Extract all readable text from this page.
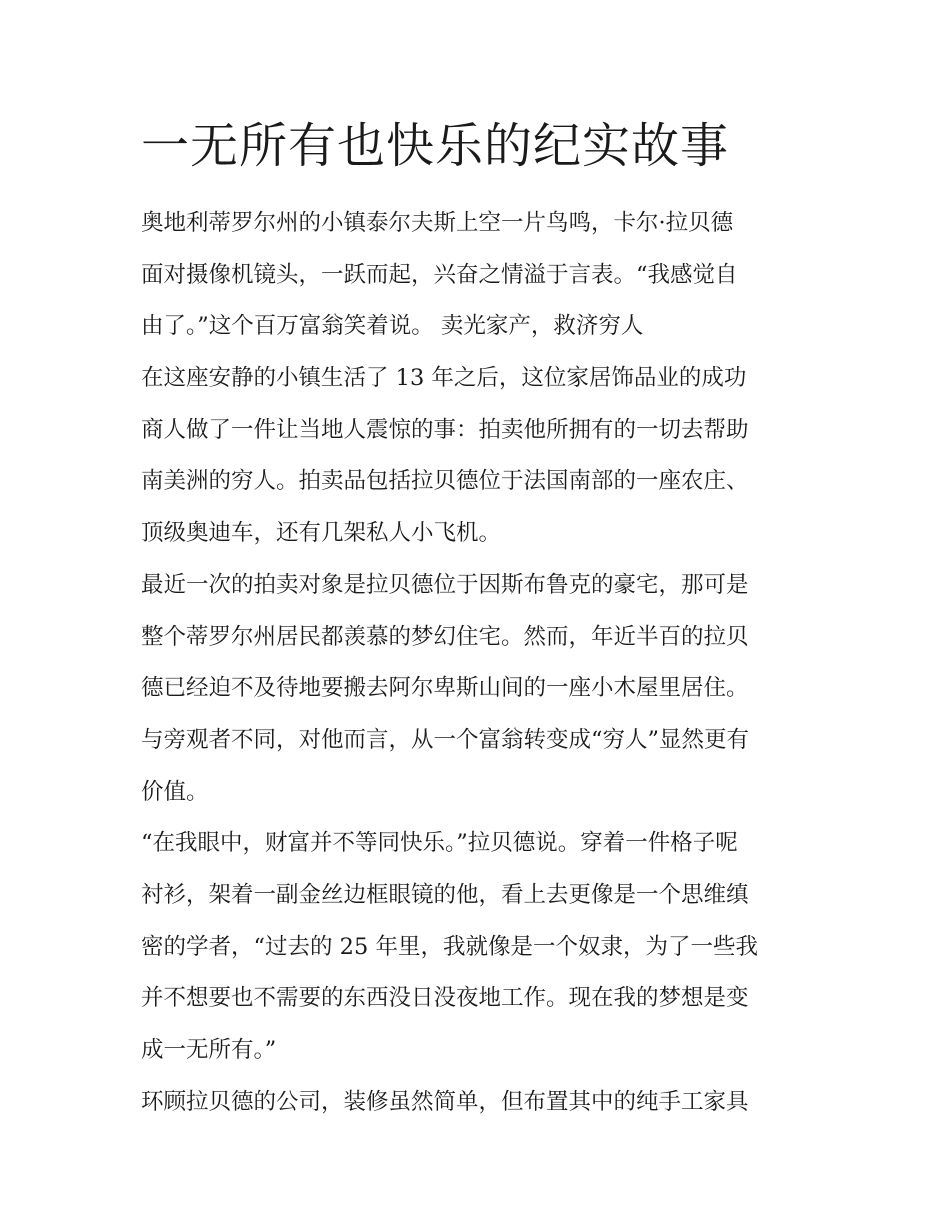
一无所有也快乐的纪实故事

奥地利蒂罗尔州的小镇泰尔夫斯上空一片鸟鸣，卡尔·拉贝德

面对摄像机镜头，一跃而起，兴奋之情溢于言表。“我感觉自

由了。”这个百万富翁笑着说。 卖光家产，救济穷人

在这座安静的小镇生活了 13 年之后，这位家居饰品业的成功

商人做了一件让当地人震惊的事：拍卖他所拥有的一切去帮助

南美洲的穷人。拍卖品包括拉贝德位于法国南部的一座农庄、

顶级奥迪车，还有几架私人小飞机。

最近一次的拍卖对象是拉贝德位于因斯布鲁克的豪宅，那可是

整个蒂罗尔州居民都羡慕的梦幻住宅。然而，年近半百的拉贝

德已经迫不及待地要搬去阿尔卑斯山间的一座小木屋里居住。

与旁观者不同，对他而言，从一个富翁转变成“穷人”显然更有

价值。

“在我眼中，财富并不等同快乐。”拉贝德说。穿着一件格子呢

衬衫，架着一副金丝边框眼镜的他，看上去更像是一个思维缜

密的学者，“过去的 25 年里，我就像是一个奴隶，为了一些我

并不想要也不需要的东西没日没夜地工作。现在我的梦想是变

成一无所有。”

环顾拉贝德的公司，装修虽然简单，但布置其中的纯手工家具
